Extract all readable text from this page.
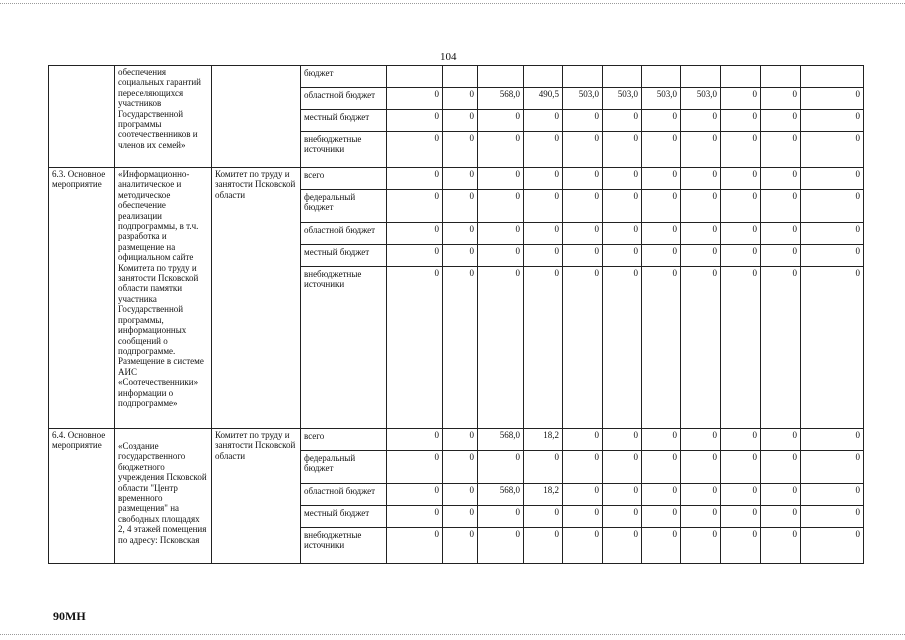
104
	обеспечения социальных гарантий переселяющихся участников Государственной программы соотечественников и членов их семей»		бюджет											
			областной бюджет	0	0	568,0	490,5	503,0	503,0	503,0	503,0	0	0	0
			местный бюджет	0	0	0	0	0	0	0	0	0	0	0
			внебюджетные источники	0	0	0	0	0	0	0	0	0	0	0
6.3. Основное мероприятие	«Информационно-аналитическое и методическое обеспечение реализации подпрограммы, в т.ч. разработка и размещение на официальном сайте Комитета по труду и занятости Псковской области памятки участника Государственной программы, информационных сообщений о подпрограмме. Размещение в системе АИС «Соотечественники» информации о подпрограмме»	Комитет по труду и занятости Псковской области	всего	0	0	0	0	0	0	0	0	0	0	0
			федеральный бюджет	0	0	0	0	0	0	0	0	0	0	0
			областной бюджет	0	0	0	0	0	0	0	0	0	0	0
			местный бюджет	0	0	0	0	0	0	0	0	0	0	0
			внебюджетные источники	0	0	0	0	0	0	0	0	0	0	0
6.4. Основное мероприятие	«Создание государственного бюджетного учреждения Псковской области "Центр временного размещения" на свободных площадях 2, 4 этажей помещения по адресу: Псковская	Комитет по труду и занятости Псковской области	всего	0	0	568,0	18,2	0	0	0	0	0	0	0
			федеральный бюджет	0	0	0	0	0	0	0	0	0	0	0
			областной бюджет	0	0	568,0	18,2	0	0	0	0	0	0	0
			местный бюджет	0	0	0	0	0	0	0	0	0	0	0
			внебюджетные источники	0	0	0	0	0	0	0	0	0	0	0
90МН
